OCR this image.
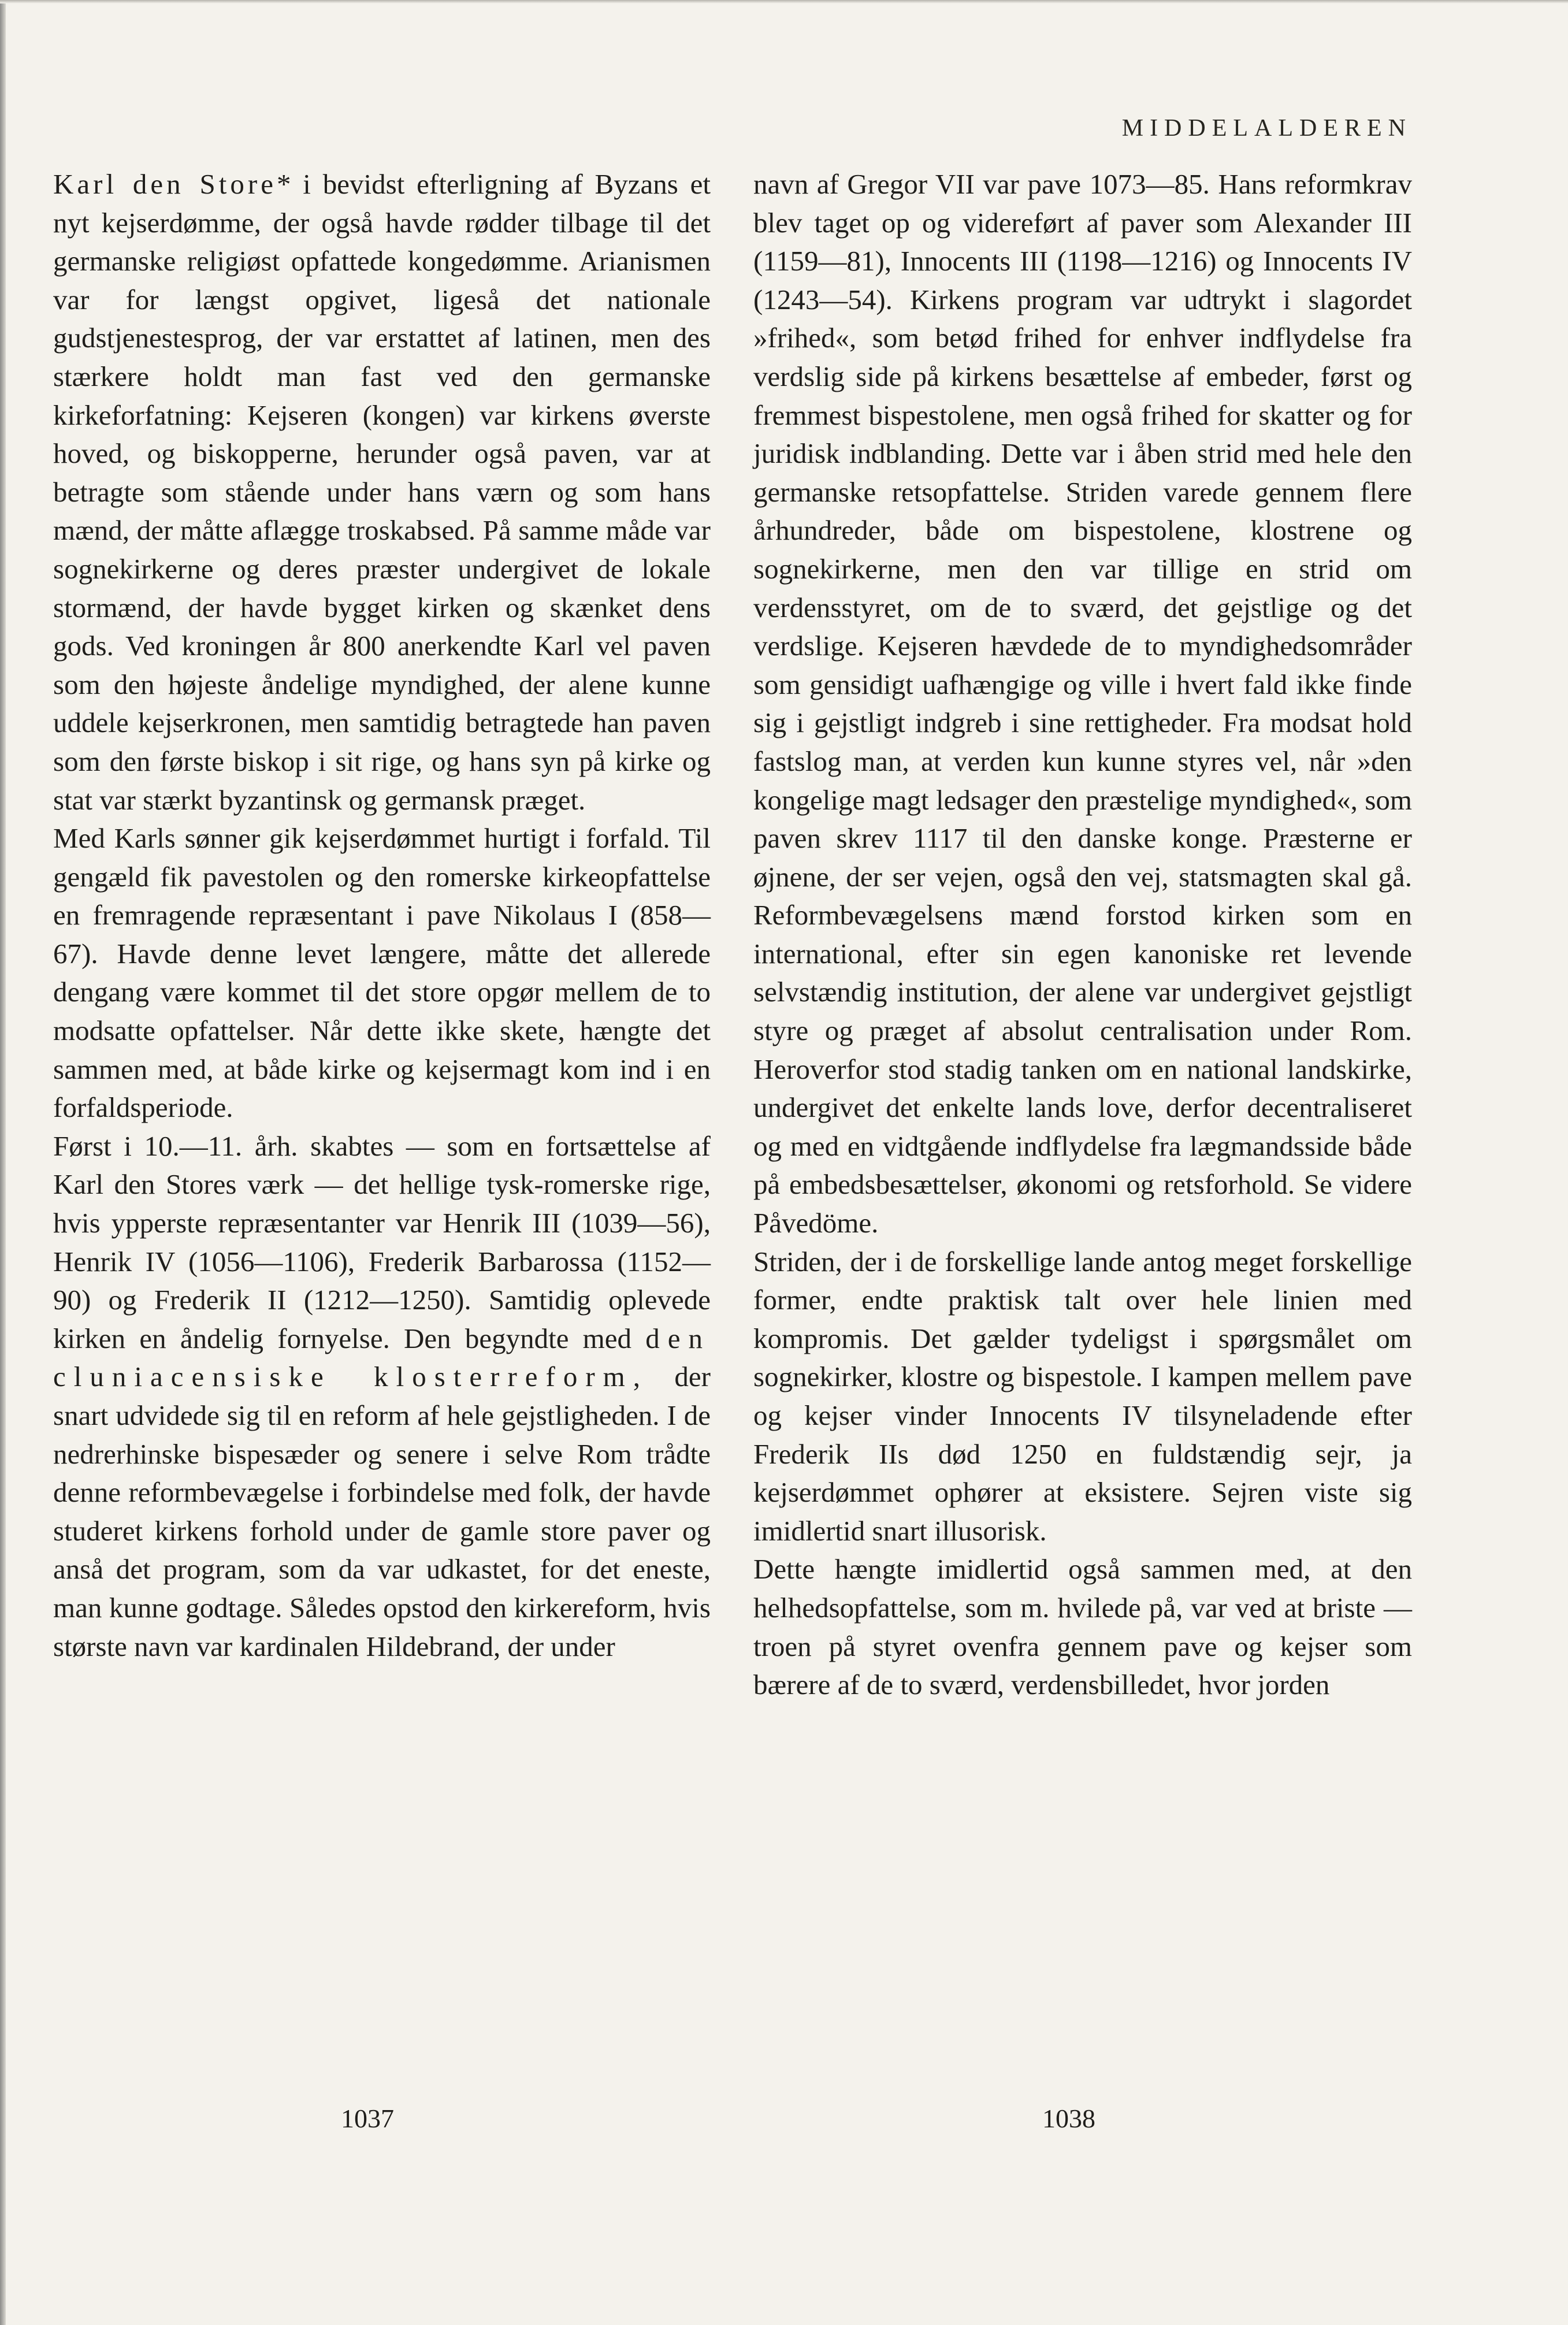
MIDDELALDEREN

Karl den Store* i bevidst efterligning af Byzans et nyt kejserdømme, der også havde rødder tilbage til det germanske religiøst opfattede kongedømme. Arianismen var for længst opgivet, ligeså det nationale gudstjenestesprog, der var erstattet af latinen, men des stærkere holdt man fast ved den germanske kirkeforfatning: Kejseren (kongen) var kirkens øverste hoved, og biskopperne, herunder også paven, var at betragte som stående under hans værn og som hans mænd, der måtte aflægge troskabsed. På samme måde var sognekirkerne og deres præster undergivet de lokale stormænd, der havde bygget kirken og skænket dens gods. Ved kroningen år 800 anerkendte Karl vel paven som den højeste åndelige myndighed, der alene kunne uddele kejserkronen, men samtidig betragtede han paven som den første biskop i sit rige, og hans syn på kirke og stat var stærkt byzantinsk og germansk præget.

Med Karls sønner gik kejserdømmet hurtigt i forfald. Til gengæld fik pavestolen og den romerske kirkeopfattelse en fremragende repræsentant i pave Nikolaus I (858—67). Havde denne levet længere, måtte det allerede dengang være kommet til det store opgør mellem de to modsatte opfattelser. Når dette ikke skete, hængte det sammen med, at både kirke og kejsermagt kom ind i en forfaldsperiode.

Først i 10.—11. årh. skabtes — som en fortsættelse af Karl den Stores værk — det hellige tysk-romerske rige, hvis ypperste repræsentanter var Henrik III (1039—56), Henrik IV (1056—1106), Frederik Barbarossa (1152—90) og Frederik II (1212—1250). Samtidig oplevede kirken en åndelig fornyelse. Den begyndte med den cluniacensiske klosterreform, der snart udvidede sig til en reform af hele gejstligheden. I de nedrerhinske bispesæder og senere i selve Rom trådte denne reformbevægelse i forbindelse med folk, der havde studeret kirkens forhold under de gamle store paver og anså det program, som da var udkastet, for det eneste, man kunne godtage. Således opstod den kirkereform, hvis største navn var kardinalen Hildebrand, der under

navn af Gregor VII var pave 1073—85. Hans reformkrav blev taget op og videreført af paver som Alexander III (1159—81), Innocents III (1198—1216) og Innocents IV (1243—54). Kirkens program var udtrykt i slagordet »frihed«, som betød frihed for enhver indflydelse fra verdslig side på kirkens besættelse af embeder, først og fremmest bispestolene, men også frihed for skatter og for juridisk indblanding. Dette var i åben strid med hele den germanske retsopfattelse. Striden varede gennem flere århundreder, både om bispestolene, klostrene og sognekirkerne, men den var tillige en strid om verdensstyret, om de to sværd, det gejstlige og det verdslige. Kejseren hævdede de to myndighedsområder som gensidigt uafhængige og ville i hvert fald ikke finde sig i gejstligt indgreb i sine rettigheder. Fra modsat hold fastslog man, at verden kun kunne styres vel, når »den kongelige magt ledsager den præstelige myndighed«, som paven skrev 1117 til den danske konge. Præsterne er øjnene, der ser vejen, også den vej, statsmagten skal gå. Reformbevægelsens mænd forstod kirken som en international, efter sin egen kanoniske ret levende selvstændig institution, der alene var undergivet gejstligt styre og præget af absolut centralisation under Rom. Heroverfor stod stadig tanken om en national landskirke, undergivet det enkelte lands love, derfor decentraliseret og med en vidtgående indflydelse fra lægmandsside både på embedsbesættelser, økonomi og retsforhold. Se videre Påvedöme.

Striden, der i de forskellige lande antog meget forskellige former, endte praktisk talt over hele linien med kompromis. Det gælder tydeligst i spørgsmålet om sognekirker, klostre og bispestole. I kampen mellem pave og kejser vinder Innocents IV tilsyneladende efter Frederik IIs død 1250 en fuldstændig sejr, ja kejserdømmet ophører at eksistere. Sejren viste sig imidlertid snart illusorisk.

Dette hængte imidlertid også sammen med, at den helhedsopfattelse, som m. hvilede på, var ved at briste — troen på styret ovenfra gennem pave og kejser som bærere af de to sværd, verdensbilledet, hvor jorden

1037	1038
